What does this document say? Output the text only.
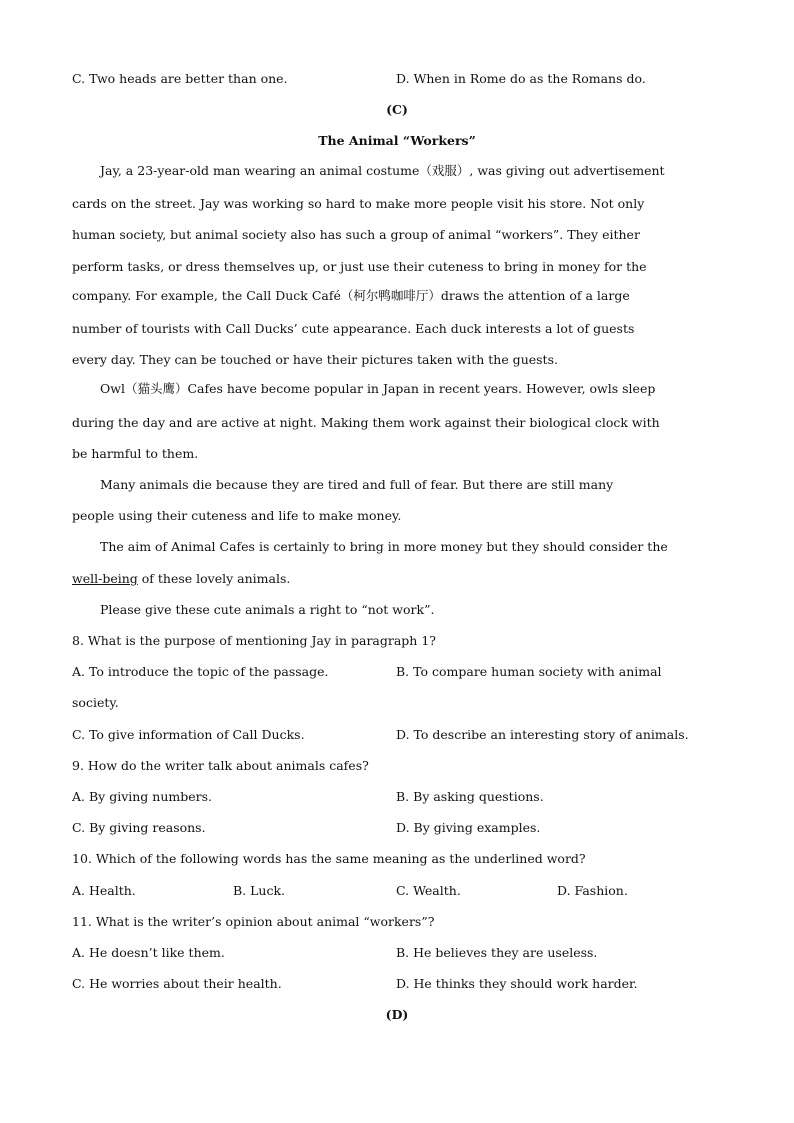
C. Two heads are better than one.	D. When in Rome do as the Romans do.
(C)
The Animal “Workers”
Jay, a 23-year-old man wearing an animal costume（戏服）, was giving out advertisement
cards on the street. Jay was working so hard to make more people visit his store. Not only
human society, but animal society also has such a group of animal “workers”. They either
perform tasks, or dress themselves up, or just use their cuteness to bring in money for the
company. For example, the Call Duck Café（柯尔鸭咖啡厅）draws the attention of a large
number of tourists with Call Ducks’ cute appearance. Each duck interests a lot of guests
every day. They can be touched or have their pictures taken with the guests.
Owl（猫头鹰）Cafes have become popular in Japan in recent years. However, owls sleep
during the day and are active at night. Making them work against their biological clock with
be harmful to them.
Many animals die because they are tired and full of fear. But there are still many
people using their cuteness and life to make money.
The aim of Animal Cafes is certainly to bring in more money but they should consider the
well-being of these lovely animals.
Please give these cute animals a right to “not work”.
8. What is the purpose of mentioning Jay in paragraph 1?
A. To introduce the topic of the passage.	B. To compare human society with animal
society.
C. To give information of Call Ducks.	D. To describe an interesting story of animals.
9. How do the writer talk about animals cafes?
A. By giving numbers.	B. By asking questions.
C. By giving reasons.	D. By giving examples.
10. Which of the following words has the same meaning as the underlined word?
A. Health.	B. Luck.	C. Wealth.	D. Fashion.
11. What is the writer’s opinion about animal “workers”?
A. He doesn’t like them.	B. He believes they are useless.
C. He worries about their health.	D. He thinks they should work harder.
(D)
